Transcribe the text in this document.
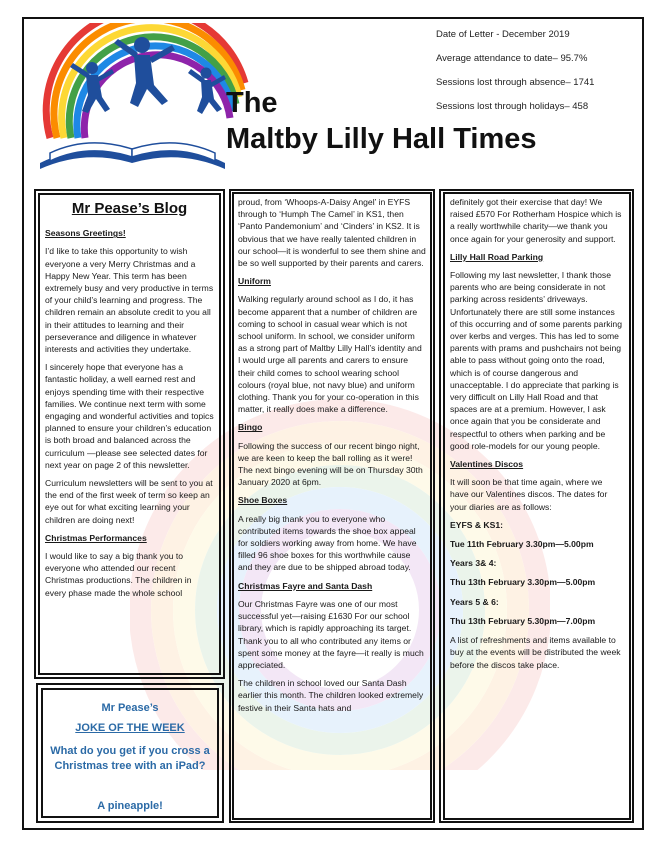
The
Maltby Lilly Hall Times
Date of Letter - December 2019
Average attendance to date– 95.7%
Sessions lost through absence– 1741
Sessions lost through holidays– 458
Mr Pease’s Blog
Seasons Greetings!

I’d like to take this opportunity to wish everyone a very Merry Christmas and a Happy New Year. This term has been extremely busy and very productive in terms of your child’s learning and progress. The children remain an absolute credit to you all in their attitudes to learning and their perseverance and diligence in whatever interests and activities they undertake.

I sincerely hope that everyone has a fantastic holiday, a well earned rest and enjoys spending time with their respective families. We continue next term with some engaging and wonderful activities and topics planned to ensure your children’s education is both broad and balanced across the curriculum —please see selected dates for next year on page 2 of this newsletter.

Curriculum newsletters will be sent to you at the end of the first week of term so keep an eye out for what exciting learning your children are doing next!

Christmas Performances

I would like to say a big thank you to everyone who attended our recent Christmas productions. The children in every phase made the whole school

Mr Pease’s
JOKE OF THE WEEK
What do you get if you cross a Christmas tree with an iPad?
A pineapple!

proud, from ‘Whoops-A-Daisy Angel’ in EYFS through to ‘Humph The Camel’ in KS1, then ‘Panto Pandemonium’ and ‘Cinders’ in KS2. It is obvious that we have really talented children in our school—it is wonderful to see them shine and be so well supported by their parents and carers.

Uniform

Walking regularly around school as I do, it has become apparent that a number of children are coming to school in casual wear which is not school uniform. In school, we consider uniform as a strong part of Maltby Lilly Hall’s identity and I would urge all parents and carers to ensure their child comes to school wearing school colours (royal blue, not navy blue) and uniform clothing. Thank you for your co-operation in this matter, it really does make a difference.

Bingo

Following the success of our recent bingo night, we are keen to keep the ball rolling as it were! The next bingo evening will be on Thursday 30th January 2020 at 6pm.

Shoe Boxes

A really big thank you to everyone who contributed items towards the shoe box appeal for soldiers working away from home. We have filled 96 shoe boxes for this worthwhile cause and they are due to be shipped abroad today.

Christmas Fayre and Santa Dash

Our Christmas Fayre was one of our most successful yet—raising £1630 For our school library, which is rapidly approaching its target. Thank you to all who contributed any items or spent some money at the fayre—it really is much appreciated.

The children in school loved our Santa Dash earlier this month. The children looked extremely festive in their Santa hats and

definitely got their exercise that day! We raised £570 For Rotherham Hospice which is a really worthwhile charity—we thank you once again for your generosity and support.

Lilly Hall Road Parking

Following my last newsletter, I thank those parents who are being considerate in not parking across residents’ driveways. Unfortunately there are still some instances of this occurring and of some parents parking over kerbs and verges. This has led to some parents with prams and pushchairs not being able to pass without going onto the road, which is of course dangerous and unacceptable. I do appreciate that parking is very difficult on Lilly Hall Road and that spaces are at a premium. However, I ask once again that you be considerate and respectful to others when parking and be good role-models for our young people.

Valentines Discos

It will soon be that time again, where we have our Valentines discos. The dates for your diaries are as follows:

EYFS & KS1:
Tue 11th February 3.30pm—5.00pm
Years 3& 4:
Thu 13th February 3.30pm—5.00pm
Years 5 & 6:
Thu 13th February 5.30pm—7.00pm

A list of refreshments and items available to buy at the events will be distributed the week before the discos take place.
